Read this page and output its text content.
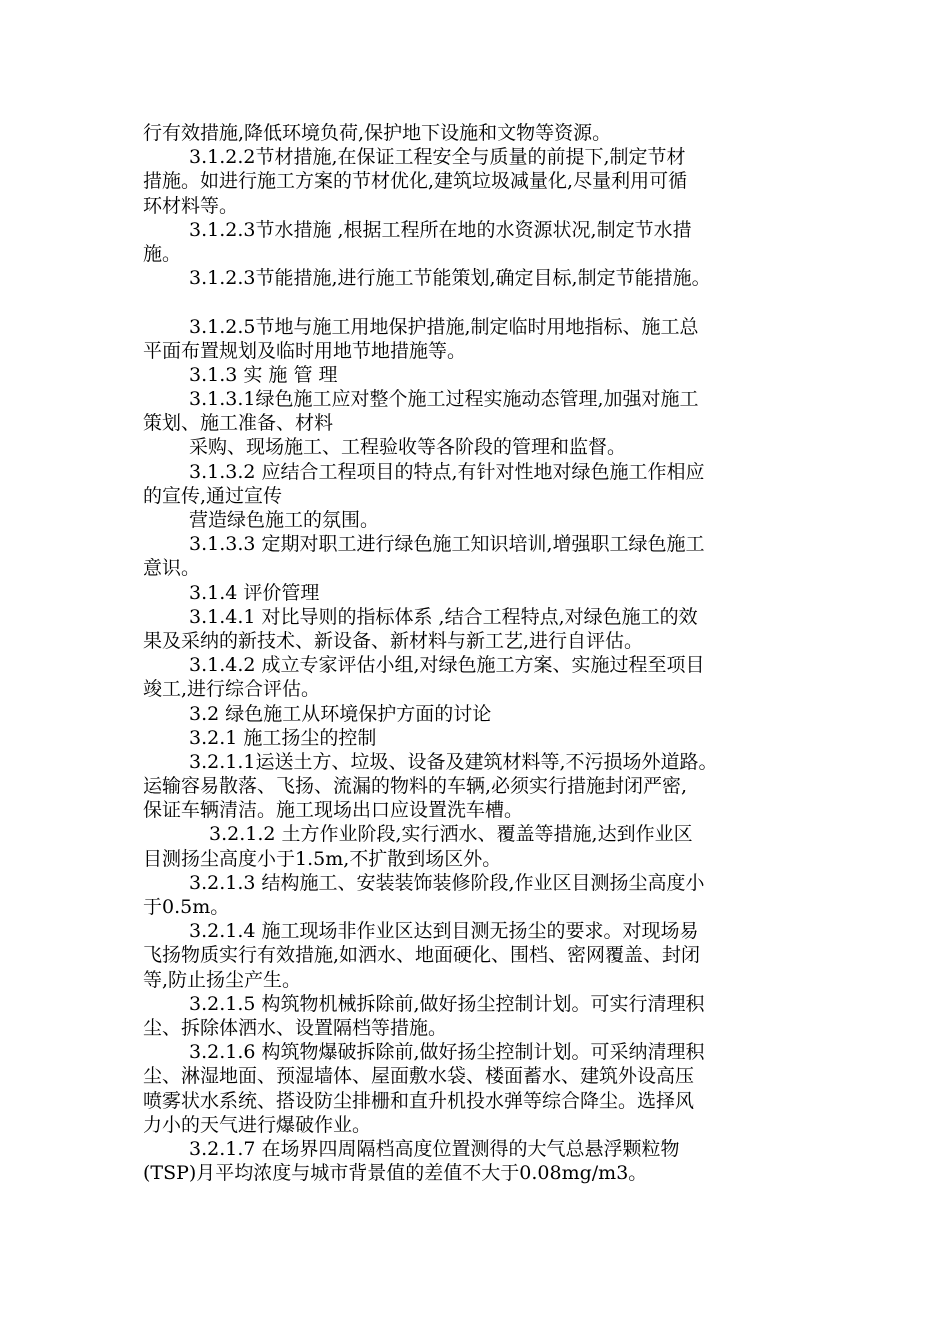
行有效措施,降低环境负荷,保护地下设施和文物等资源。
3.1.2.2节材措施,在保证工程安全与质量的前提下,制定节材
措施。如进行施工方案的节材优化,建筑垃圾减量化,尽量利用可循
环材料等。
3.1.2.3节水措施 ,根据工程所在地的水资源状况,制定节水措
施。
3.1.2.3节能措施,进行施工节能策划,确定目标,制定节能措施。
3.1.2.5节地与施工用地保护措施,制定临时用地指标、施工总
平面布置规划及临时用地节地措施等。
3.1.3 实 施 管 理
3.1.3.1绿色施工应对整个施工过程实施动态管理,加强对施工
策划、施工准备、材料
采购、现场施工、工程验收等各阶段的管理和监督。
3.1.3.2 应结合工程项目的特点,有针对性地对绿色施工作相应
的宣传,通过宣传
营造绿色施工的氛围。
3.1.3.3 定期对职工进行绿色施工知识培训,增强职工绿色施工
意识。
3.1.4 评价管理
3.1.4.1 对比导则的指标体系 ,结合工程特点,对绿色施工的效
果及采纳的新技术、新设备、新材料与新工艺,进行自评估。
3.1.4.2 成立专家评估小组,对绿色施工方案、实施过程至项目
竣工,进行综合评估。
3.2 绿色施工从环境保护方面的讨论
3.2.1 施工扬尘的控制
3.2.1.1运送土方、垃圾、设备及建筑材料等,不污损场外道路。
运输容易散落、飞扬、流漏的物料的车辆,必须实行措施封闭严密,
保证车辆清洁。施工现场出口应设置洗车槽。
3.2.1.2 土方作业阶段,实行洒水、覆盖等措施,达到作业区
目测扬尘高度小于1.5m,不扩散到场区外。
3.2.1.3 结构施工、安装装饰装修阶段,作业区目测扬尘高度小
于0.5m。
3.2.1.4 施工现场非作业区达到目测无扬尘的要求。对现场易
飞扬物质实行有效措施,如洒水、地面硬化、围档、密网覆盖、封闭
等,防止扬尘产生。
3.2.1.5 构筑物机械拆除前,做好扬尘控制计划。可实行清理积
尘、拆除体洒水、设置隔档等措施。
3.2.1.6 构筑物爆破拆除前,做好扬尘控制计划。可采纳清理积
尘、淋湿地面、预湿墙体、屋面敷水袋、楼面蓄水、建筑外设高压
喷雾状水系统、搭设防尘排栅和直升机投水弹等综合降尘。选择风
力小的天气进行爆破作业。
3.2.1.7 在场界四周隔档高度位置测得的大气总悬浮颗粒物
(TSP)月平均浓度与城市背景值的差值不大于0.08mg/m3。
